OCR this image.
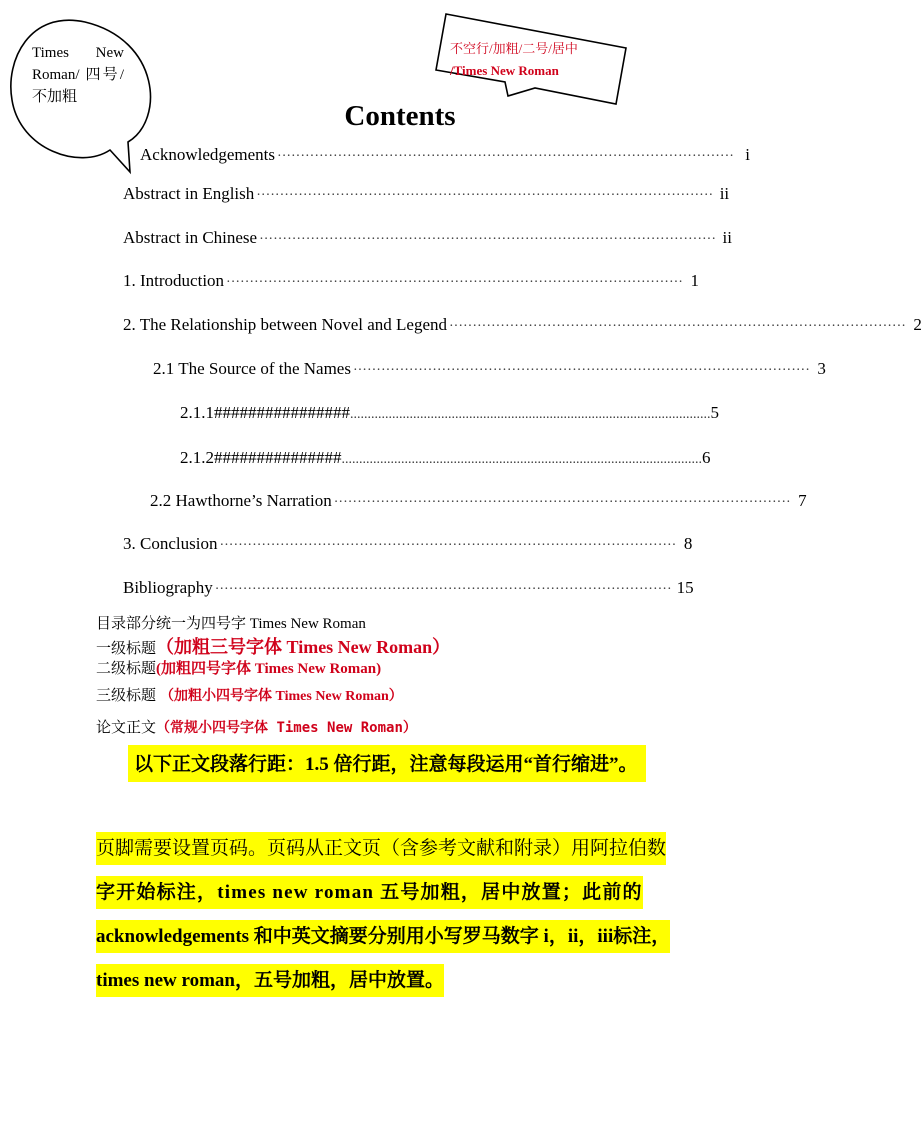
Times New Roman/ 四号/不加粗
不空行/加粗/二号/居中
/Times New Roman
Contents
Acknowledgements ·································································································· i
Abstract in English ·································································································· ii
Abstract in Chinese ·································································································· ii
1. Introduction ·································································································· 1
2. The Relationship between Novel and Legend ·································································································· 2
2.1 The Source of the Names ·································································································· 3
2.1.1################ ....................................................................................................... 5
2.1.2############### ....................................................................................................... 6
2.2 Hawthorne’s Narration ·································································································· 7
3. Conclusion ·································································································· 8
Bibliography ·································································································· 15
目录部分统一为四号字 Times New Roman
一级标题（加粗三号字体 Times New Roman）
二级标题(加粗四号字体 Times New Roman)
三级标题 （加粗小四号字体 Times New Roman）
论文正文（常规小四号字体 Times New Roman）
以下正文段落行距：1.5 倍行距，注意每段运用“首行缩进”。
页脚需要设置页码。页码从正文页（含参考文献和附录）用阿拉伯数
字开始标注，times new roman 五号加粗，居中放置；此前的
acknowledgements 和中英文摘要分别用小写罗马数字 i，ii，iii标注，
times new roman，五号加粗，居中放置。
